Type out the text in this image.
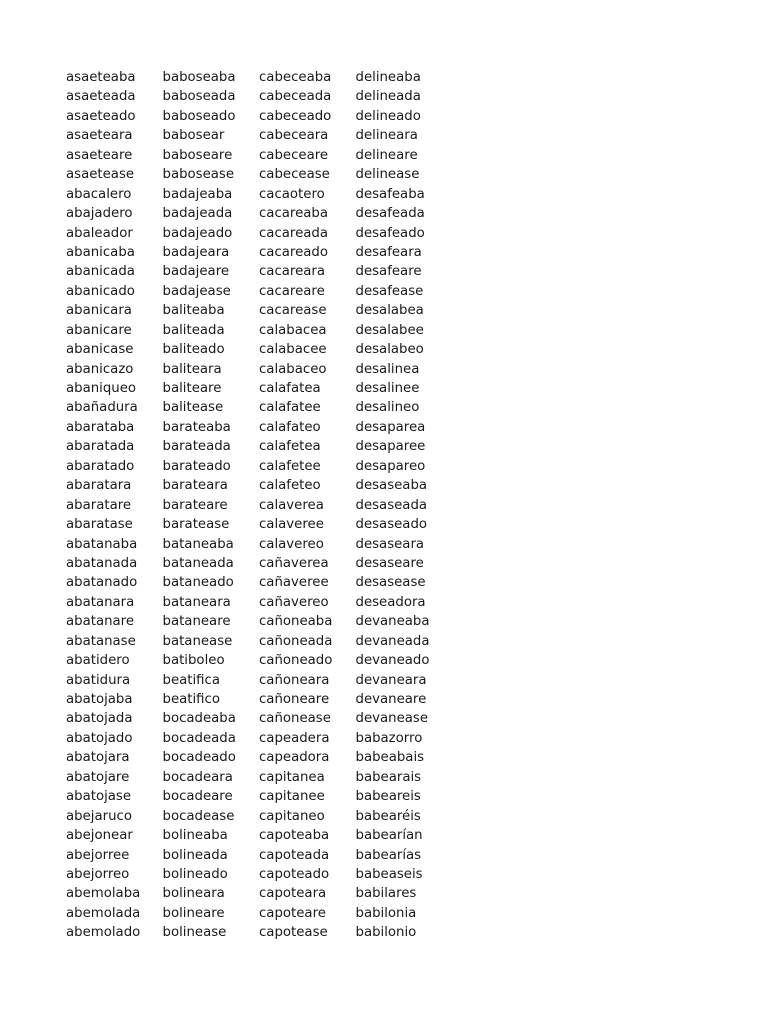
asaeteaba	baboseaba	cabeceaba	delineaba
asaeteada	baboseada	cabeceada	delineada
asaeteado	baboseado	cabeceado	delineado
asaeteara	babosear	cabeceara	delineara
asaeteare	baboseare	cabeceare	delineare
asaetease	babosease	cabecease	delinease
abacalero	badajeaba	cacaotero	desafeaba
abajadero	badajeada	cacareaba	desafeada
abaleador	badajeado	cacareada	desafeado
abanicaba	badajeara	cacareado	desafeara
abanicada	badajeare	cacareara	desafeare
abanicado	badajease	cacareare	desafease
abanicara	baliteaba	cacarease	desalabea
abanicare	baliteada	calabacea	desalabee
abanicase	baliteado	calabacee	desalabeo
abanicazo	baliteara	calabaceo	desalinea
abaniqueo	baliteare	calafatea	desalinee
abañadura	balitease	calafatee	desalineo
abarataba	barateaba	calafateo	desaparea
abaratada	barateada	calafetea	desaparee
abaratado	barateado	calafetee	desapareo
abaratara	barateara	calafeteo	desaseaba
abaratare	barateare	calaverea	desaseada
abaratase	baratease	calaveree	desaseado
abatanaba	bataneaba	calavereo	desaseara
abatanada	bataneada	cañaverea	desaseare
abatanado	bataneado	cañaveree	desasease
abatanara	bataneara	cañavereo	deseadora
abatanare	bataneare	cañoneaba	devaneaba
abatanase	batanease	cañoneada	devaneada
abatidero	batiboleo	cañoneado	devaneado
abatidura	beatifica	cañoneara	devaneara
abatojaba	beatifico	cañoneare	devaneare
abatojada	bocadeaba	cañonease	devanease
abatojado	bocadeada	capeadera	babazorro
abatojara	bocadeado	capeadora	babeabais
abatojare	bocadeara	capitanea	babearais
abatojase	bocadeare	capitanee	babeareis
abejaruco	bocadease	capitaneo	babearéis
abejonear	bolineaba	capoteaba	babearían
abejorree	bolineada	capoteada	babearías
abejorreo	bolineado	capoteado	babeaseis
abemolaba	bolineara	capoteara	babilares
abemolada	bolineare	capoteare	babilonia
abemolado	bolinease	capotease	babilonio
